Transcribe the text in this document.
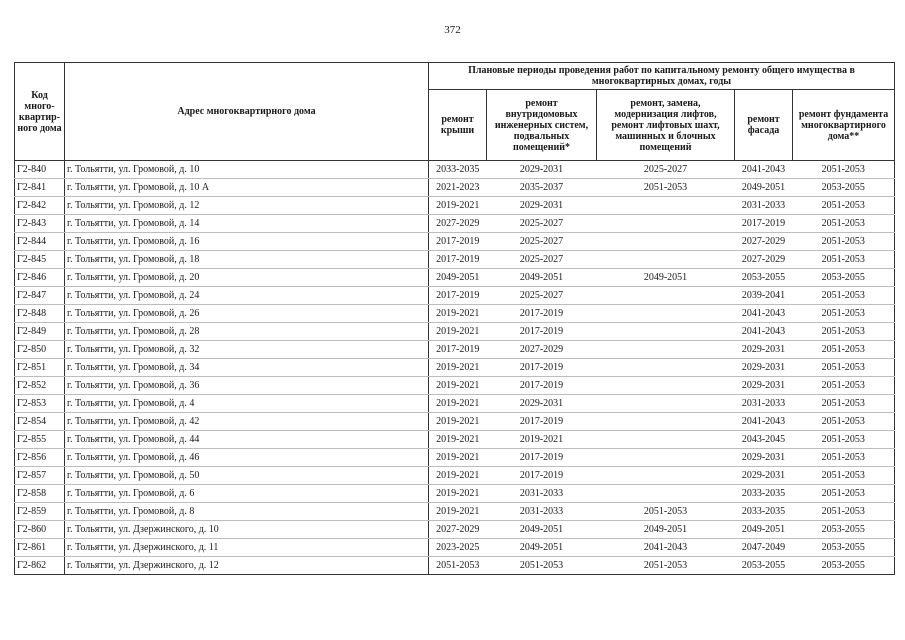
372
Код много-квартир-ного дома	Адрес многоквартирного дома	Плановые периоды проведения работ по капитальному ремонту общего имущества в многоквартирных домах, годы				
		ремонт крыши	ремонт внутридомовых инженерных систем, подвальных помещений*	ремонт, замена, модернизация лифтов, ремонт лифтовых шахт, машинных и блочных помещений	ремонт фасада	ремонт фундамента многоквартирного дома**
Г2-840	г. Тольятти, ул. Громовой, д. 10	2033-2035	2029-2031	2025-2027	2041-2043	2051-2053
Г2-841	г. Тольятти, ул. Громовой, д. 10 А	2021-2023	2035-2037	2051-2053	2049-2051	2053-2055
Г2-842	г. Тольятти, ул. Громовой, д. 12	2019-2021	2029-2031		2031-2033	2051-2053
Г2-843	г. Тольятти, ул. Громовой, д. 14	2027-2029	2025-2027		2017-2019	2051-2053
Г2-844	г. Тольятти, ул. Громовой, д. 16	2017-2019	2025-2027		2027-2029	2051-2053
Г2-845	г. Тольятти, ул. Громовой, д. 18	2017-2019	2025-2027		2027-2029	2051-2053
Г2-846	г. Тольятти, ул. Громовой, д. 20	2049-2051	2049-2051	2049-2051	2053-2055	2053-2055
Г2-847	г. Тольятти, ул. Громовой, д. 24	2017-2019	2025-2027		2039-2041	2051-2053
Г2-848	г. Тольятти, ул. Громовой, д. 26	2019-2021	2017-2019		2041-2043	2051-2053
Г2-849	г. Тольятти, ул. Громовой, д. 28	2019-2021	2017-2019		2041-2043	2051-2053
Г2-850	г. Тольятти, ул. Громовой, д. 32	2017-2019	2027-2029		2029-2031	2051-2053
Г2-851	г. Тольятти, ул. Громовой, д. 34	2019-2021	2017-2019		2029-2031	2051-2053
Г2-852	г. Тольятти, ул. Громовой, д. 36	2019-2021	2017-2019		2029-2031	2051-2053
Г2-853	г. Тольятти, ул. Громовой, д. 4	2019-2021	2029-2031		2031-2033	2051-2053
Г2-854	г. Тольятти, ул. Громовой, д. 42	2019-2021	2017-2019		2041-2043	2051-2053
Г2-855	г. Тольятти, ул. Громовой, д. 44	2019-2021	2019-2021		2043-2045	2051-2053
Г2-856	г. Тольятти, ул. Громовой, д. 46	2019-2021	2017-2019		2029-2031	2051-2053
Г2-857	г. Тольятти, ул. Громовой, д. 50	2019-2021	2017-2019		2029-2031	2051-2053
Г2-858	г. Тольятти, ул. Громовой, д. 6	2019-2021	2031-2033		2033-2035	2051-2053
Г2-859	г. Тольятти, ул. Громовой, д. 8	2019-2021	2031-2033	2051-2053	2033-2035	2051-2053
Г2-860	г. Тольятти, ул. Дзержинского, д. 10	2027-2029	2049-2051	2049-2051	2049-2051	2053-2055
Г2-861	г. Тольятти, ул. Дзержинского, д. 11	2023-2025	2049-2051	2041-2043	2047-2049	2053-2055
Г2-862	г. Тольятти, ул. Дзержинского, д. 12	2051-2053	2051-2053	2051-2053	2053-2055	2053-2055
